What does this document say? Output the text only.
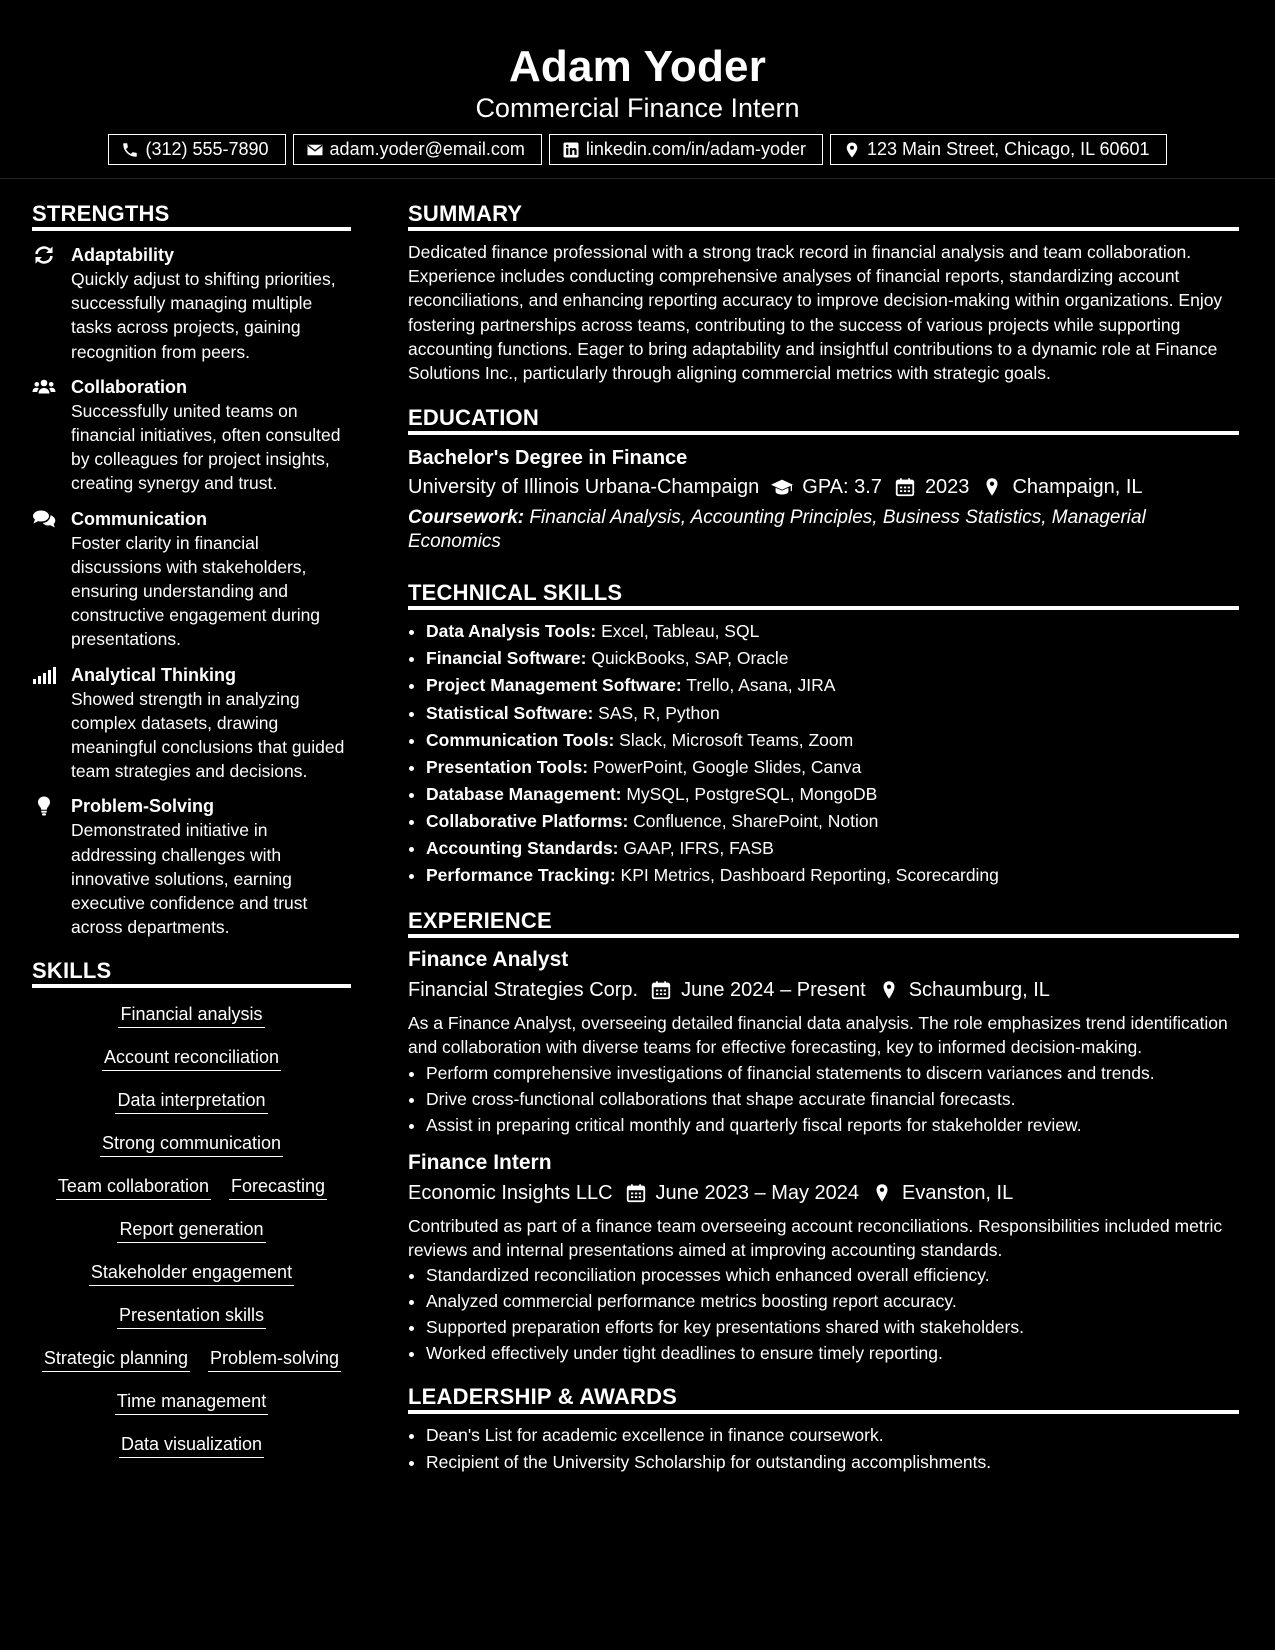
Adam Yoder
Commercial Finance Intern
(312) 555-7890	adam.yoder@email.com	linkedin.com/in/adam-yoder	123 Main Street, Chicago, IL 60601
STRENGTHS
Adaptability
Quickly adjust to shifting priorities, successfully managing multiple tasks across projects, gaining recognition from peers.
Collaboration
Successfully united teams on financial initiatives, often consulted by colleagues for project insights, creating synergy and trust.
Communication
Foster clarity in financial discussions with stakeholders, ensuring understanding and constructive engagement during presentations.
Analytical Thinking
Showed strength in analyzing complex datasets, drawing meaningful conclusions that guided team strategies and decisions.
Problem-Solving
Demonstrated initiative in addressing challenges with innovative solutions, earning executive confidence and trust across departments.
SKILLS
Financial analysis
Account reconciliation
Data interpretation
Strong communication
Team collaboration Forecasting
Report generation
Stakeholder engagement
Presentation skills
Strategic planning Problem-solving
Time management
Data visualization
SUMMARY

Dedicated finance professional with a strong track record in financial analysis and team collaboration. Experience includes conducting comprehensive analyses of financial reports, standardizing account reconciliations, and enhancing reporting accuracy to improve decision-making within organizations. Enjoy fostering partnerships across teams, contributing to the success of various projects while supporting accounting functions. Eager to bring adaptability and insightful contributions to a dynamic role at Finance Solutions Inc., particularly through aligning commercial metrics with strategic goals.

EDUCATION
Bachelor's Degree in Finance
University of Illinois Urbana-Champaign GPA: 3.7 2023 Champaign, IL
Coursework: Financial Analysis, Accounting Principles, Business Statistics, Managerial Economics
TECHNICAL SKILLS
• Data Analysis Tools: Excel, Tableau, SQL
• Financial Software: QuickBooks, SAP, Oracle
• Project Management Software: Trello, Asana, JIRA
• Statistical Software: SAS, R, Python
• Communication Tools: Slack, Microsoft Teams, Zoom
• Presentation Tools: PowerPoint, Google Slides, Canva
• Database Management: MySQL, PostgreSQL, MongoDB
• Collaborative Platforms: Confluence, SharePoint, Notion
• Accounting Standards: GAAP, IFRS, FASB
• Performance Tracking: KPI Metrics, Dashboard Reporting, Scorecarding
EXPERIENCE
Finance Analyst
Financial Strategies Corp. June 2024 – Present Schaumburg, IL

As a Finance Analyst, overseeing detailed financial data analysis. The role emphasizes trend identification and collaboration with diverse teams for effective forecasting, key to informed decision-making.

• Perform comprehensive investigations of financial statements to discern variances and trends.
• Drive cross-functional collaborations that shape accurate financial forecasts.
• Assist in preparing critical monthly and quarterly fiscal reports for stakeholder review.
Finance Intern
Economic Insights LLC June 2023 – May 2024 Evanston, IL

Contributed as part of a finance team overseeing account reconciliations. Responsibilities included metric reviews and internal presentations aimed at improving accounting standards.

• Standardized reconciliation processes which enhanced overall efficiency.
• Analyzed commercial performance metrics boosting report accuracy.
• Supported preparation efforts for key presentations shared with stakeholders.
• Worked effectively under tight deadlines to ensure timely reporting.
LEADERSHIP & AWARDS
• Dean's List for academic excellence in finance coursework.
• Recipient of the University Scholarship for outstanding accomplishments.
